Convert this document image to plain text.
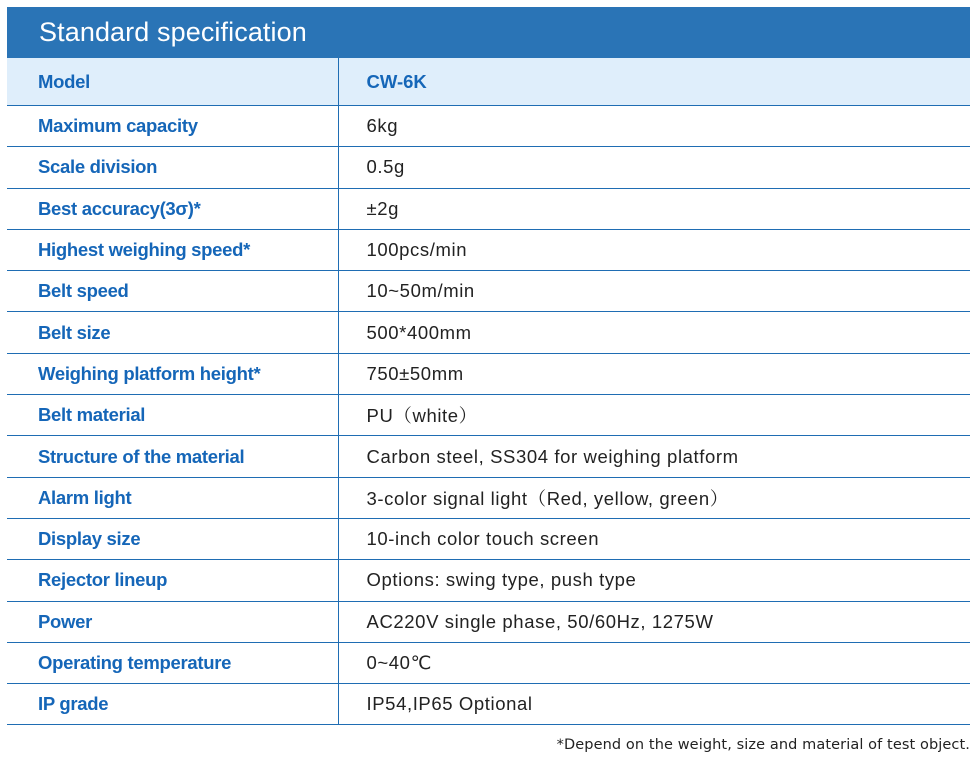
Standard specification
Model	CW-6K
Maximum capacity	6kg
Scale division	0.5g
Best accuracy(3σ)*	±2g
Highest weighing speed*	100pcs/min
Belt speed	10~50m/min
Belt size	500*400mm
Weighing platform height*	750±50mm
Belt material	PU（white）
Structure of the material	Carbon steel, SS304 for weighing platform
Alarm light	3-color signal light（Red, yellow, green）
Display size	10-inch color touch screen
Rejector lineup	Options: swing type, push type
Power	AC220V single phase, 50/60Hz, 1275W
Operating temperature	0~40℃
IP grade	IP54,IP65 Optional
*Depend on the weight, size and material of test object.
